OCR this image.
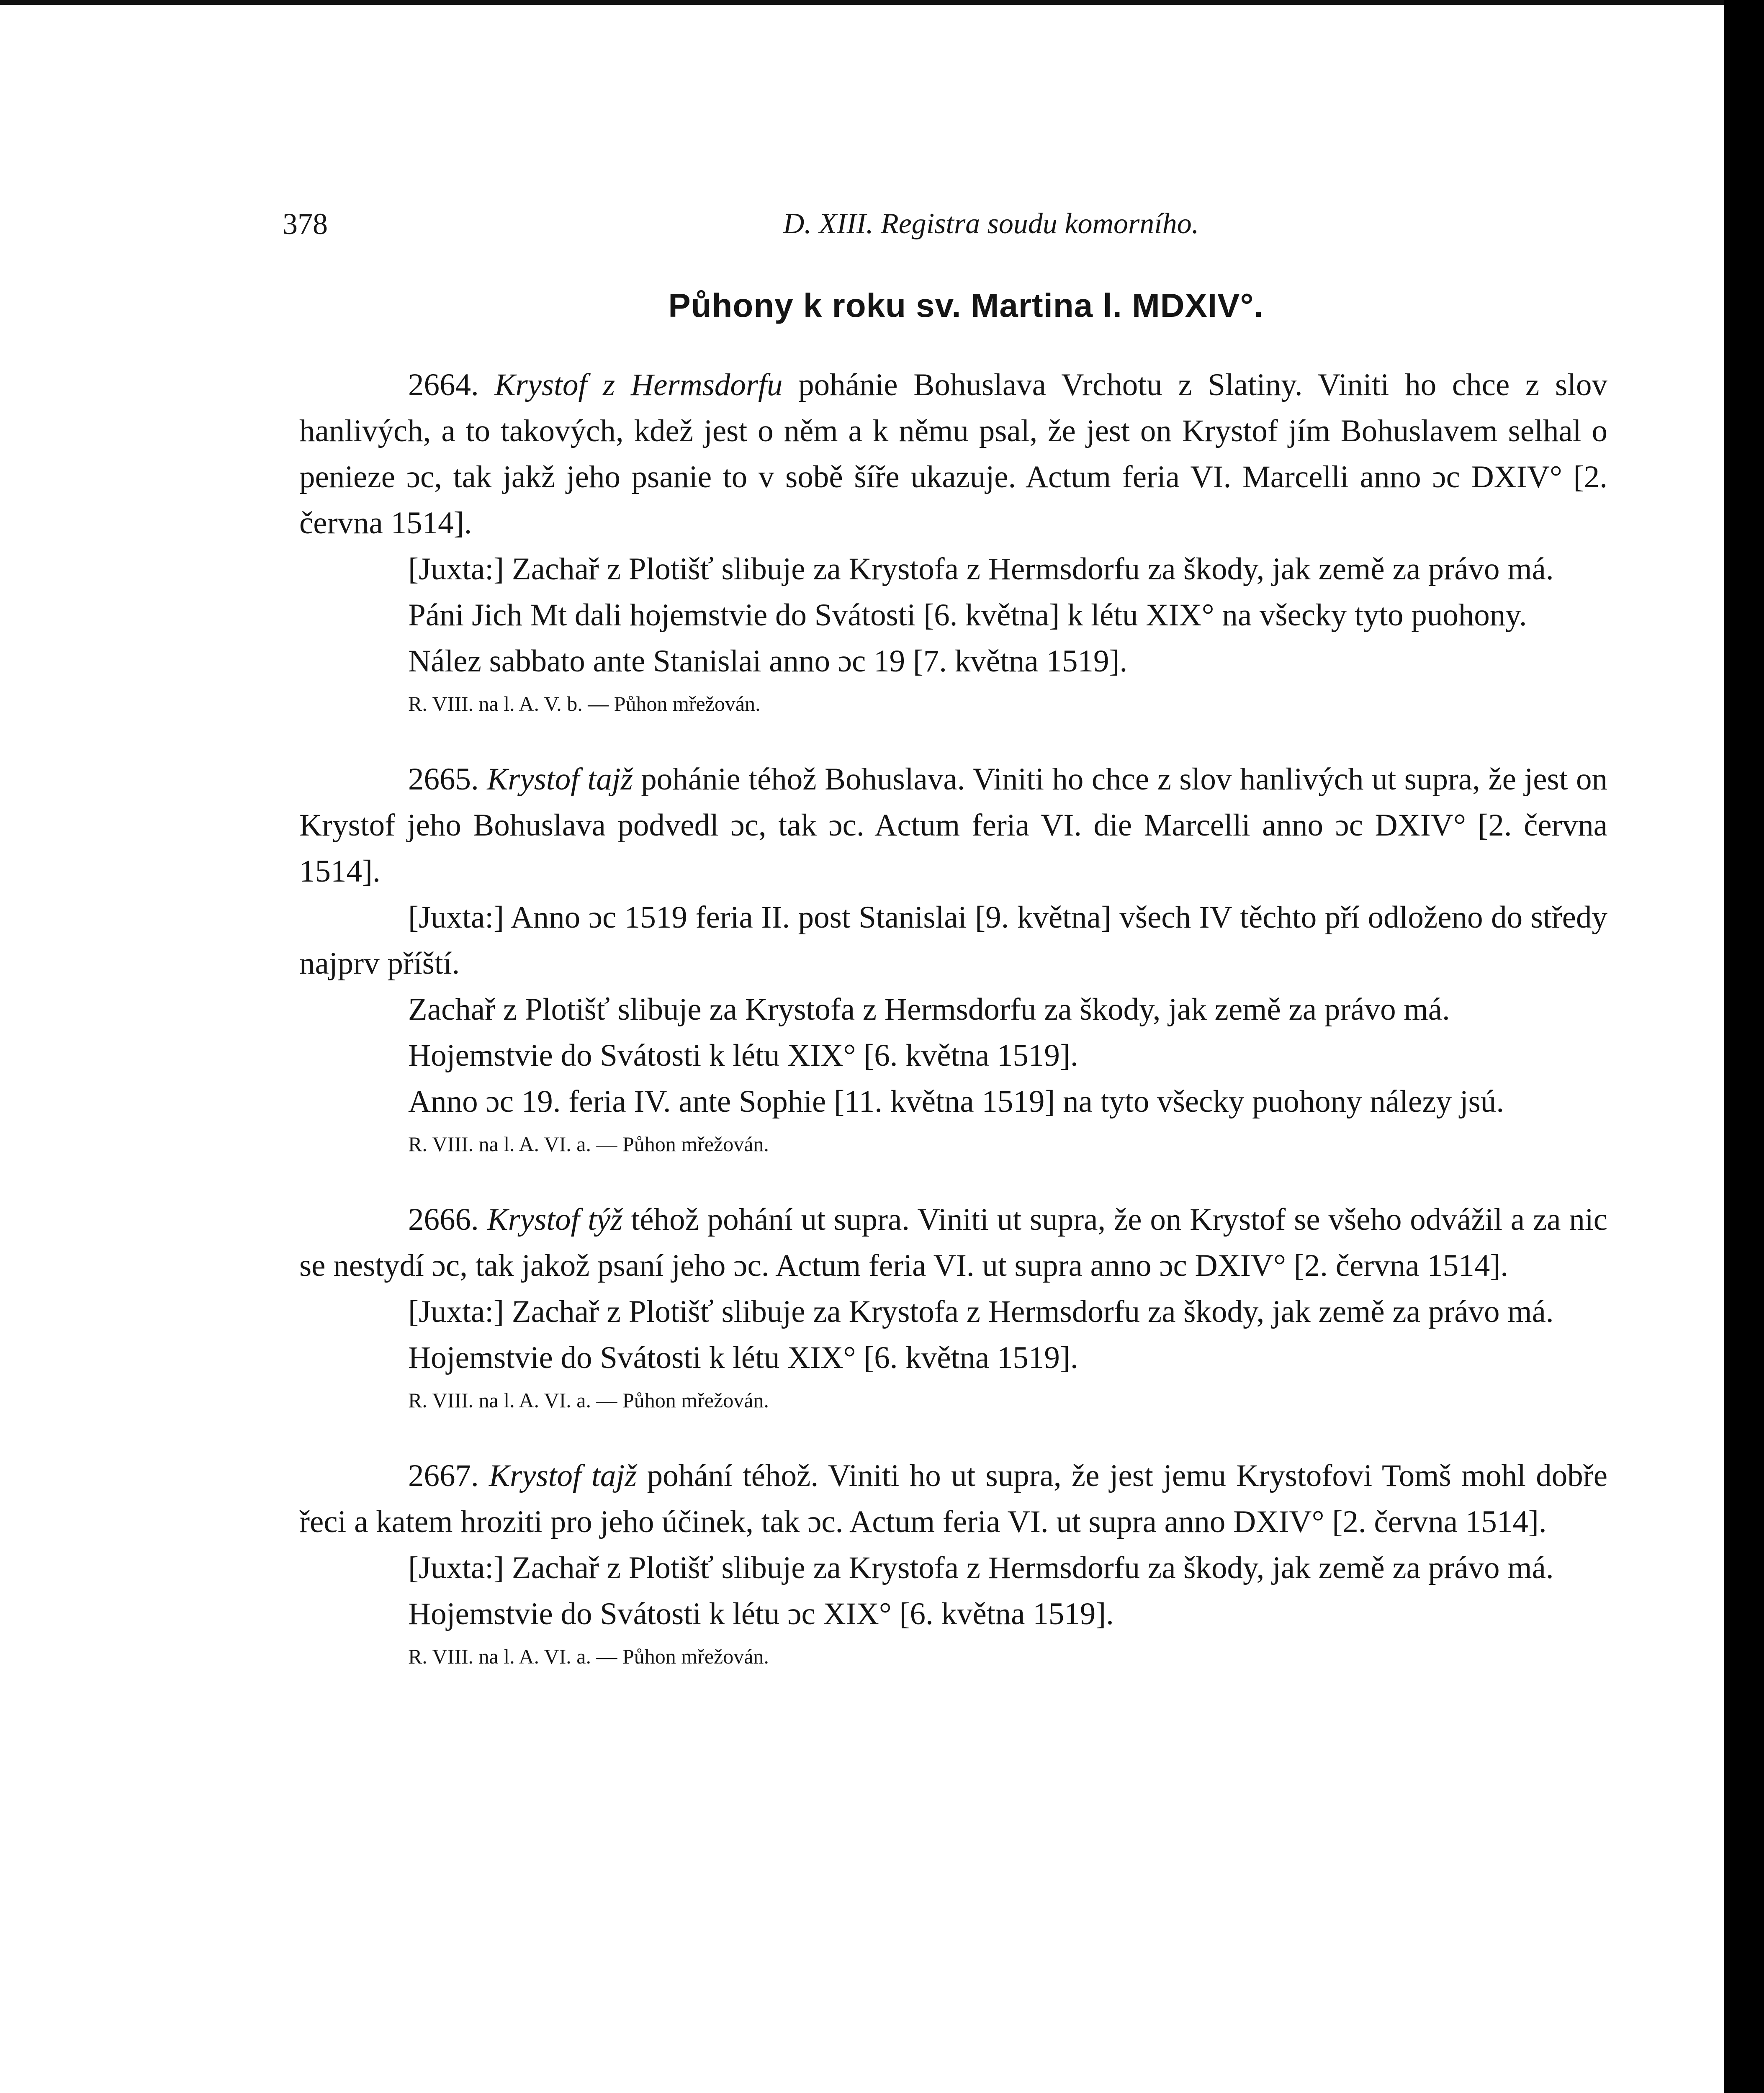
378	D. XIII. Registra soudu komorního.
Půhony k roku sv. Martina l. MDXIV°.

2664. Krystof z Hermsdorfu pohánie Bohuslava Vrchotu z Slatiny. Viniti ho chce z slov hanlivých, a to takových, kdež jest o něm a k němu psal, že jest on Krystof jím Bohuslavem selhal o penieze ɔc, tak jakž jeho psanie to v sobě šíře ukazuje. Actum feria VI. Marcelli anno ɔc DXIV° [2. června 1514].

[Juxta:] Zachař z Plotišť slibuje za Krystofa z Hermsdorfu za škody, jak země za právo má.

Páni Jich Mt dali hojemstvie do Svátosti [6. května] k létu XIX° na všecky tyto puohony.

Nález sabbato ante Stanislai anno ɔc 19 [7. května 1519].

R. VIII. na l. A. V. b. — Půhon mřežován.

2665. Krystof tajž pohánie téhož Bohuslava. Viniti ho chce z slov hanlivých ut supra, že jest on Krystof jeho Bohuslava podvedl ɔc, tak ɔc. Actum feria VI. die Marcelli anno ɔc DXIV° [2. června 1514].

[Juxta:] Anno ɔc 1519 feria II. post Stanislai [9. května] všech IV těchto pří odloženo do středy najprv příští.

Zachař z Plotišť slibuje za Krystofa z Hermsdorfu za škody, jak země za právo má.

Hojemstvie do Svátosti k létu XIX° [6. května 1519].

Anno ɔc 19. feria IV. ante Sophie [11. května 1519] na tyto všecky puohony nálezy jsú.

R. VIII. na l. A. VI. a. — Půhon mřežován.

2666. Krystof týž téhož pohání ut supra. Viniti ut supra, že on Krystof se všeho odvážil a za nic se nestydí ɔc, tak jakož psaní jeho ɔc. Actum feria VI. ut supra anno ɔc DXIV° [2. června 1514].

[Juxta:] Zachař z Plotišť slibuje za Krystofa z Hermsdorfu za škody, jak země za právo má.

Hojemstvie do Svátosti k létu XIX° [6. května 1519].

R. VIII. na l. A. VI. a. — Půhon mřežován.

2667. Krystof tajž pohání téhož. Viniti ho ut supra, že jest jemu Krystofovi Tomš mohl dobře řeci a katem hroziti pro jeho účinek, tak ɔc. Actum feria VI. ut supra anno DXIV° [2. června 1514].

[Juxta:] Zachař z Plotišť slibuje za Krystofa z Hermsdorfu za škody, jak země za právo má.

Hojemstvie do Svátosti k létu ɔc XIX° [6. května 1519].

R. VIII. na l. A. VI. a. — Půhon mřežován.
